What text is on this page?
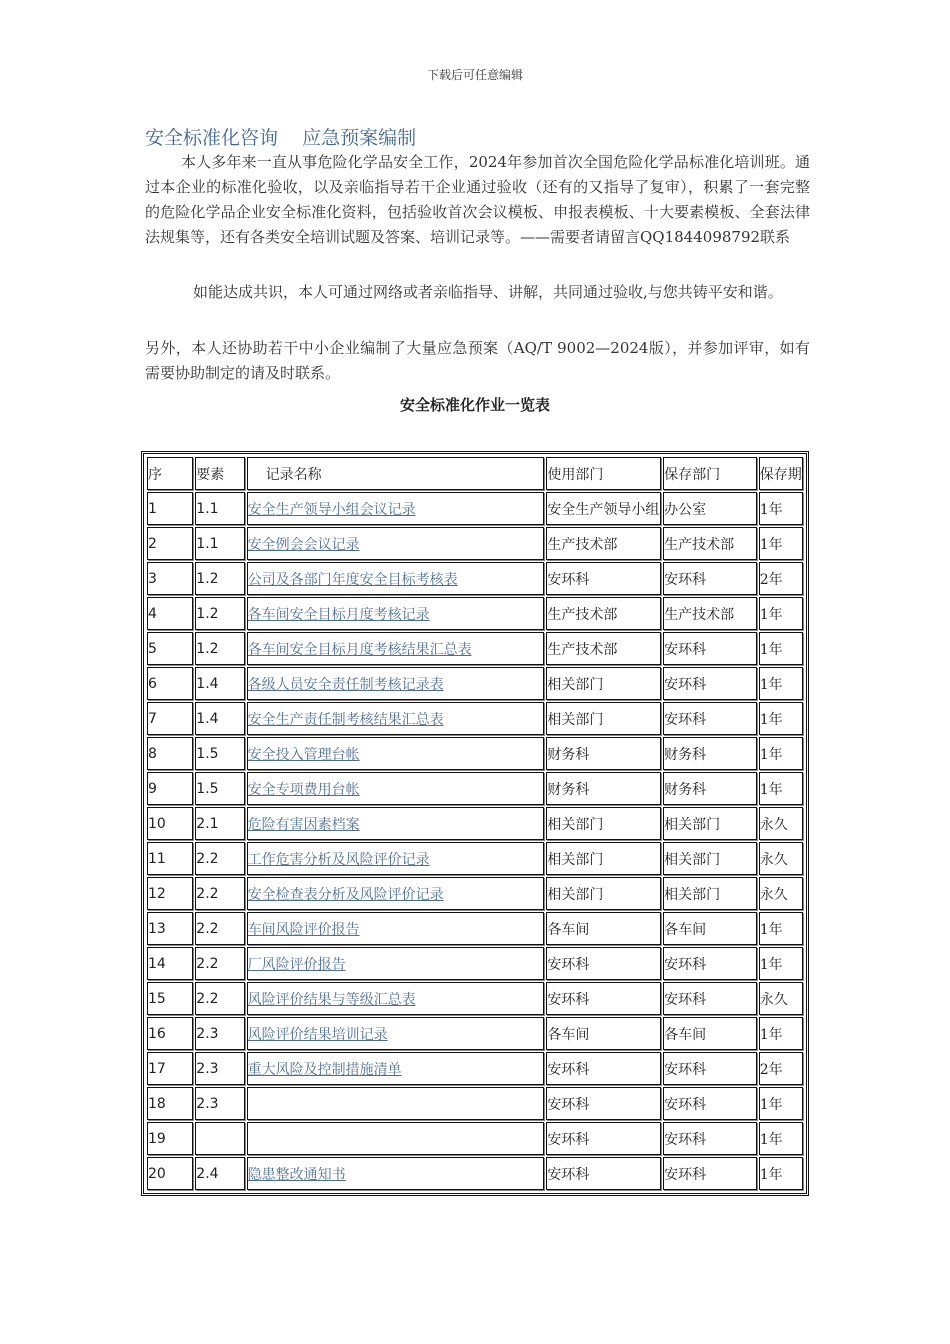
下载后可任意编辑
安全标准化咨询    应急预案编制
本人多年来一直从事危险化学品安全工作，2024年参加首次全国危险化学品标准化培训班。通过本企业的标准化验收，以及亲临指导若干企业通过验收（还有的又指导了复审），积累了一套完整的危险化学品企业安全标准化资料，包括验收首次会议模板、申报表模板、十大要素模板、全套法律法规集等，还有各类安全培训试题及答案、培训记录等。——需要者请留言QQ1844098792联系
如能达成共识，本人可通过网络或者亲临指导、讲解，共同通过验收,与您共铸平安和谐。
另外，本人还协助若干中小企业编制了大量应急预案（AQ/T 9002—2024版），并参加评审，如有需要协助制定的请及时联系。
安全标准化作业一览表
序	要素	记录名称	使用部门	保存部门	保存期
1	1.1	安全生产领导小组会议记录	安全生产领导小组	办公室	1年
2	1.1	安全例会会议记录	生产技术部	生产技术部	1年
3	1.2	公司及各部门年度安全目标考核表	安环科	安环科	2年
4	1.2	各车间安全目标月度考核记录	生产技术部	生产技术部	1年
5	1.2	各车间安全目标月度考核结果汇总表	生产技术部	安环科	1年
6	1.4	各级人员安全责任制考核记录表	相关部门	安环科	1年
7	1.4	安全生产责任制考核结果汇总表	相关部门	安环科	1年
8	1.5	安全投入管理台帐	财务科	财务科	1年
9	1.5	安全专项费用台帐	财务科	财务科	1年
10	2.1	危险有害因素档案	相关部门	相关部门	永久
11	2.2	工作危害分析及风险评价记录	相关部门	相关部门	永久
12	2.2	安全检查表分析及风险评价记录	相关部门	相关部门	永久
13	2.2	车间风险评价报告	各车间	各车间	1年
14	2.2	厂风险评价报告	安环科	安环科	1年
15	2.2	风险评价结果与等级汇总表	安环科	安环科	永久
16	2.3	风险评价结果培训记录	各车间	各车间	1年
17	2.3	重大风险及控制措施清单	安环科	安环科	2年
18	2.3		安环科	安环科	1年
19			安环科	安环科	1年
20	2.4	隐患整改通知书	安环科	安环科	1年
